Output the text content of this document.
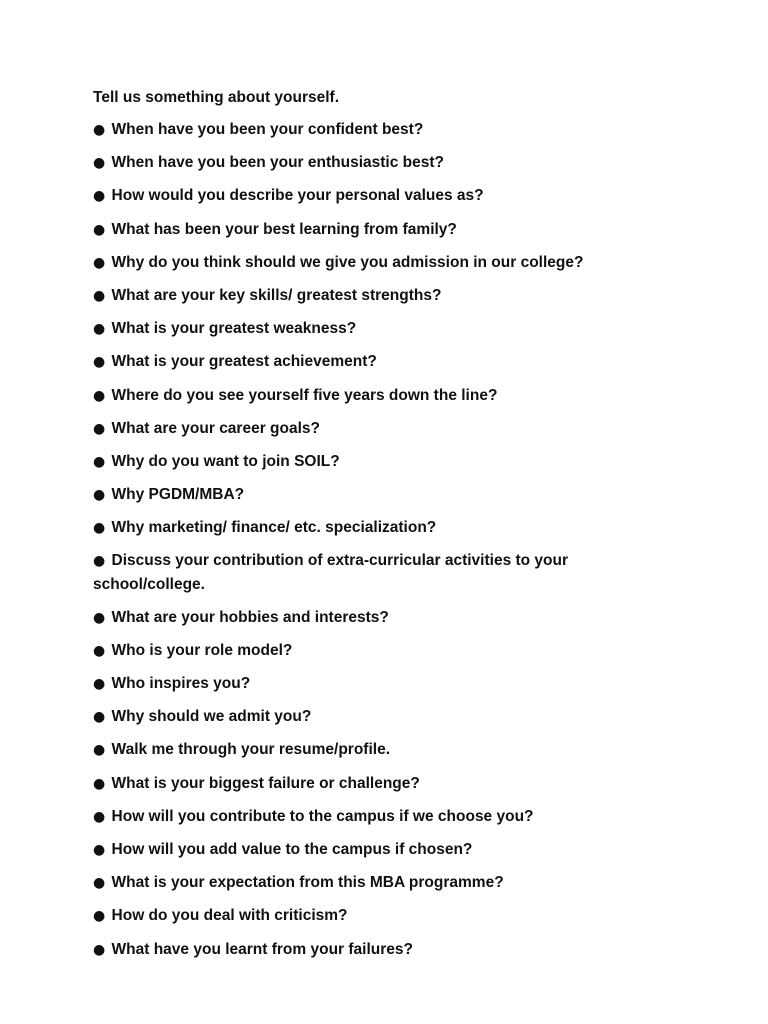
Tell us something about yourself.
● When have you been your confident best?
● When have you been your enthusiastic best?
● How would you describe your personal values as?
● What has been your best learning from family?
● Why do you think should we give you admission in our college?
● What are your key skills/ greatest strengths?
● What is your greatest weakness?
● What is your greatest achievement?
● Where do you see yourself five years down the line?
● What are your career goals?
● Why do you want to join SOIL?
● Why PGDM/MBA?
● Why marketing/ finance/ etc. specialization?
● Discuss your contribution of extra-curricular activities to your school/college.
● What are your hobbies and interests?
● Who is your role model?
● Who inspires you?
● Why should we admit you?
● Walk me through your resume/profile.
● What is your biggest failure or challenge?
● How will you contribute to the campus if we choose you?
● How will you add value to the campus if chosen?
● What is your expectation from this MBA programme?
● How do you deal with criticism?
● What have you learnt from your failures?
